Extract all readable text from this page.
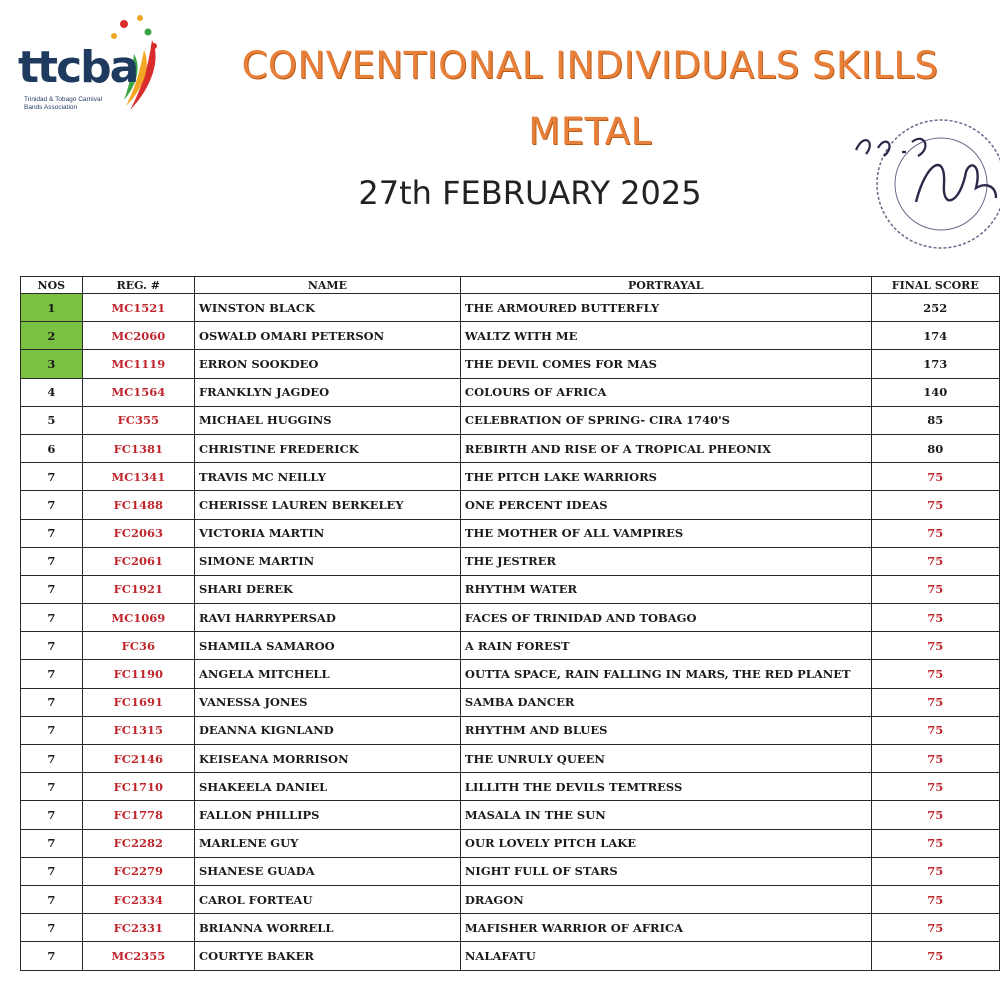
ttcba
Trinidad & Tobago Carnival Bands Association
CONVENTIONAL INDIVIDUALS SKILLS
METAL
27th FEBRUARY 2025
NOS	REG. #	NAME	PORTRAYAL	FINAL SCORE
1	MC1521	WINSTON BLACK	THE ARMOURED BUTTERFLY	252
2	MC2060	OSWALD OMARI PETERSON	WALTZ WITH ME	174
3	MC1119	ERRON SOOKDEO	THE DEVIL COMES FOR MAS	173
4	MC1564	FRANKLYN JAGDEO	COLOURS OF AFRICA	140
5	FC355	MICHAEL HUGGINS	CELEBRATION OF SPRING- CIRA 1740'S	85
6	FC1381	CHRISTINE FREDERICK	REBIRTH AND RISE OF A TROPICAL PHEONIX	80
7	MC1341	TRAVIS MC NEILLY	THE PITCH LAKE WARRIORS	75
7	FC1488	CHERISSE LAUREN BERKELEY	ONE PERCENT IDEAS	75
7	FC2063	VICTORIA MARTIN	THE MOTHER OF ALL VAMPIRES	75
7	FC2061	SIMONE MARTIN	THE JESTRER	75
7	FC1921	SHARI DEREK	RHYTHM WATER	75
7	MC1069	RAVI HARRYPERSAD	FACES OF TRINIDAD AND TOBAGO	75
7	FC36	SHAMILA SAMAROO	A RAIN FOREST	75
7	FC1190	ANGELA MITCHELL	OUTTA SPACE, RAIN FALLING IN MARS, THE RED PLANET	75
7	FC1691	VANESSA JONES	SAMBA DANCER	75
7	FC1315	DEANNA KIGNLAND	RHYTHM AND BLUES	75
7	FC2146	KEISEANA MORRISON	THE UNRULY QUEEN	75
7	FC1710	SHAKEELA DANIEL	LILLITH THE DEVILS TEMTRESS	75
7	FC1778	FALLON PHILLIPS	MASALA IN THE SUN	75
7	FC2282	MARLENE GUY	OUR LOVELY PITCH LAKE	75
7	FC2279	SHANESE GUADA	NIGHT FULL OF STARS	75
7	FC2334	CAROL FORTEAU	DRAGON	75
7	FC2331	BRIANNA WORRELL	MAFISHER WARRIOR OF AFRICA	75
7	MC2355	COURTYE BAKER	NALAFATU	75
